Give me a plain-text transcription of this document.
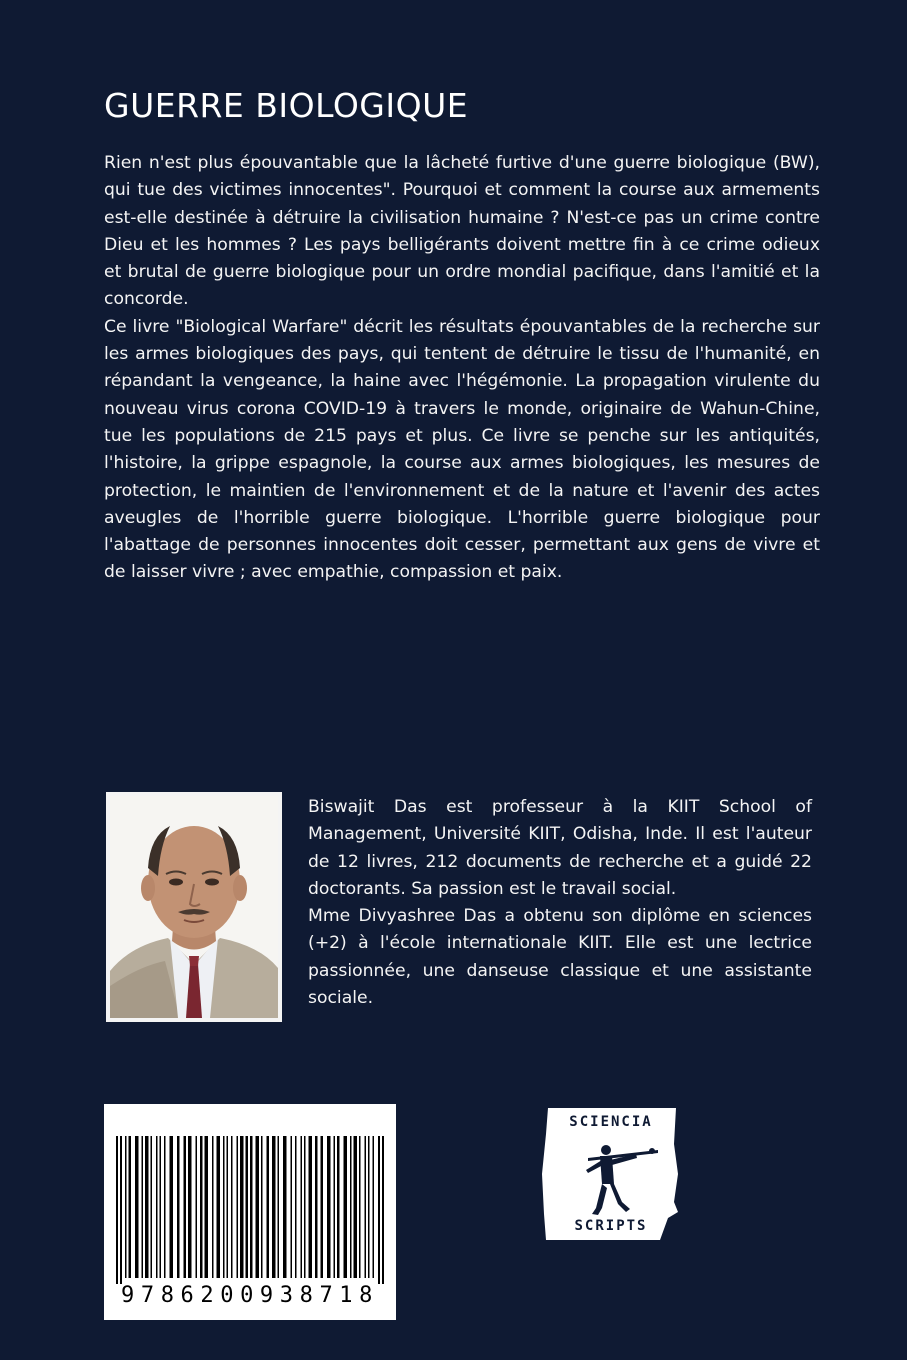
GUERRE BIOLOGIQUE

Rien n'est plus épouvantable que la lâcheté furtive d'une guerre biologique (BW), qui tue des victimes innocentes". Pourquoi et comment la course aux armements est-elle destinée à détruire la civilisation humaine ? N'est-ce pas un crime contre Dieu et les hommes ? Les pays belligérants doivent mettre fin à ce crime odieux et brutal de guerre biologique pour un ordre mondial pacifique, dans l'amitié et la concorde.

Ce livre "Biological Warfare" décrit les résultats épouvantables de la recherche sur les armes biologiques des pays, qui tentent de détruire le tissu de l'humanité, en répandant la vengeance, la haine avec l'hégémonie. La propagation virulente du nouveau virus corona COVID-19 à travers le monde, originaire de Wahun-Chine, tue les populations de 215 pays et plus. Ce livre se penche sur les antiquités, l'histoire, la grippe espagnole, la course aux armes biologiques, les mesures de protection, le maintien de l'environnement et de la nature et l'avenir des actes aveugles de l'horrible guerre biologique. L'horrible guerre biologique pour l'abattage de personnes innocentes doit cesser, permettant aux gens de vivre et de laisser vivre ; avec empathie, compassion et paix.

Biswajit Das est professeur à la KIIT School of Management, Université KIIT, Odisha, Inde. Il est l'auteur de 12 livres, 212 documents de recherche et a guidé 22 doctorants. Sa passion est le travail social.

Mme Divyashree Das a obtenu son diplôme en sciences (+2) à l'école internationale KIIT. Elle est une lectrice passionnée, une danseuse classique et une assistante sociale.

9786200938718
SCIENCIA
SCRIPTS
